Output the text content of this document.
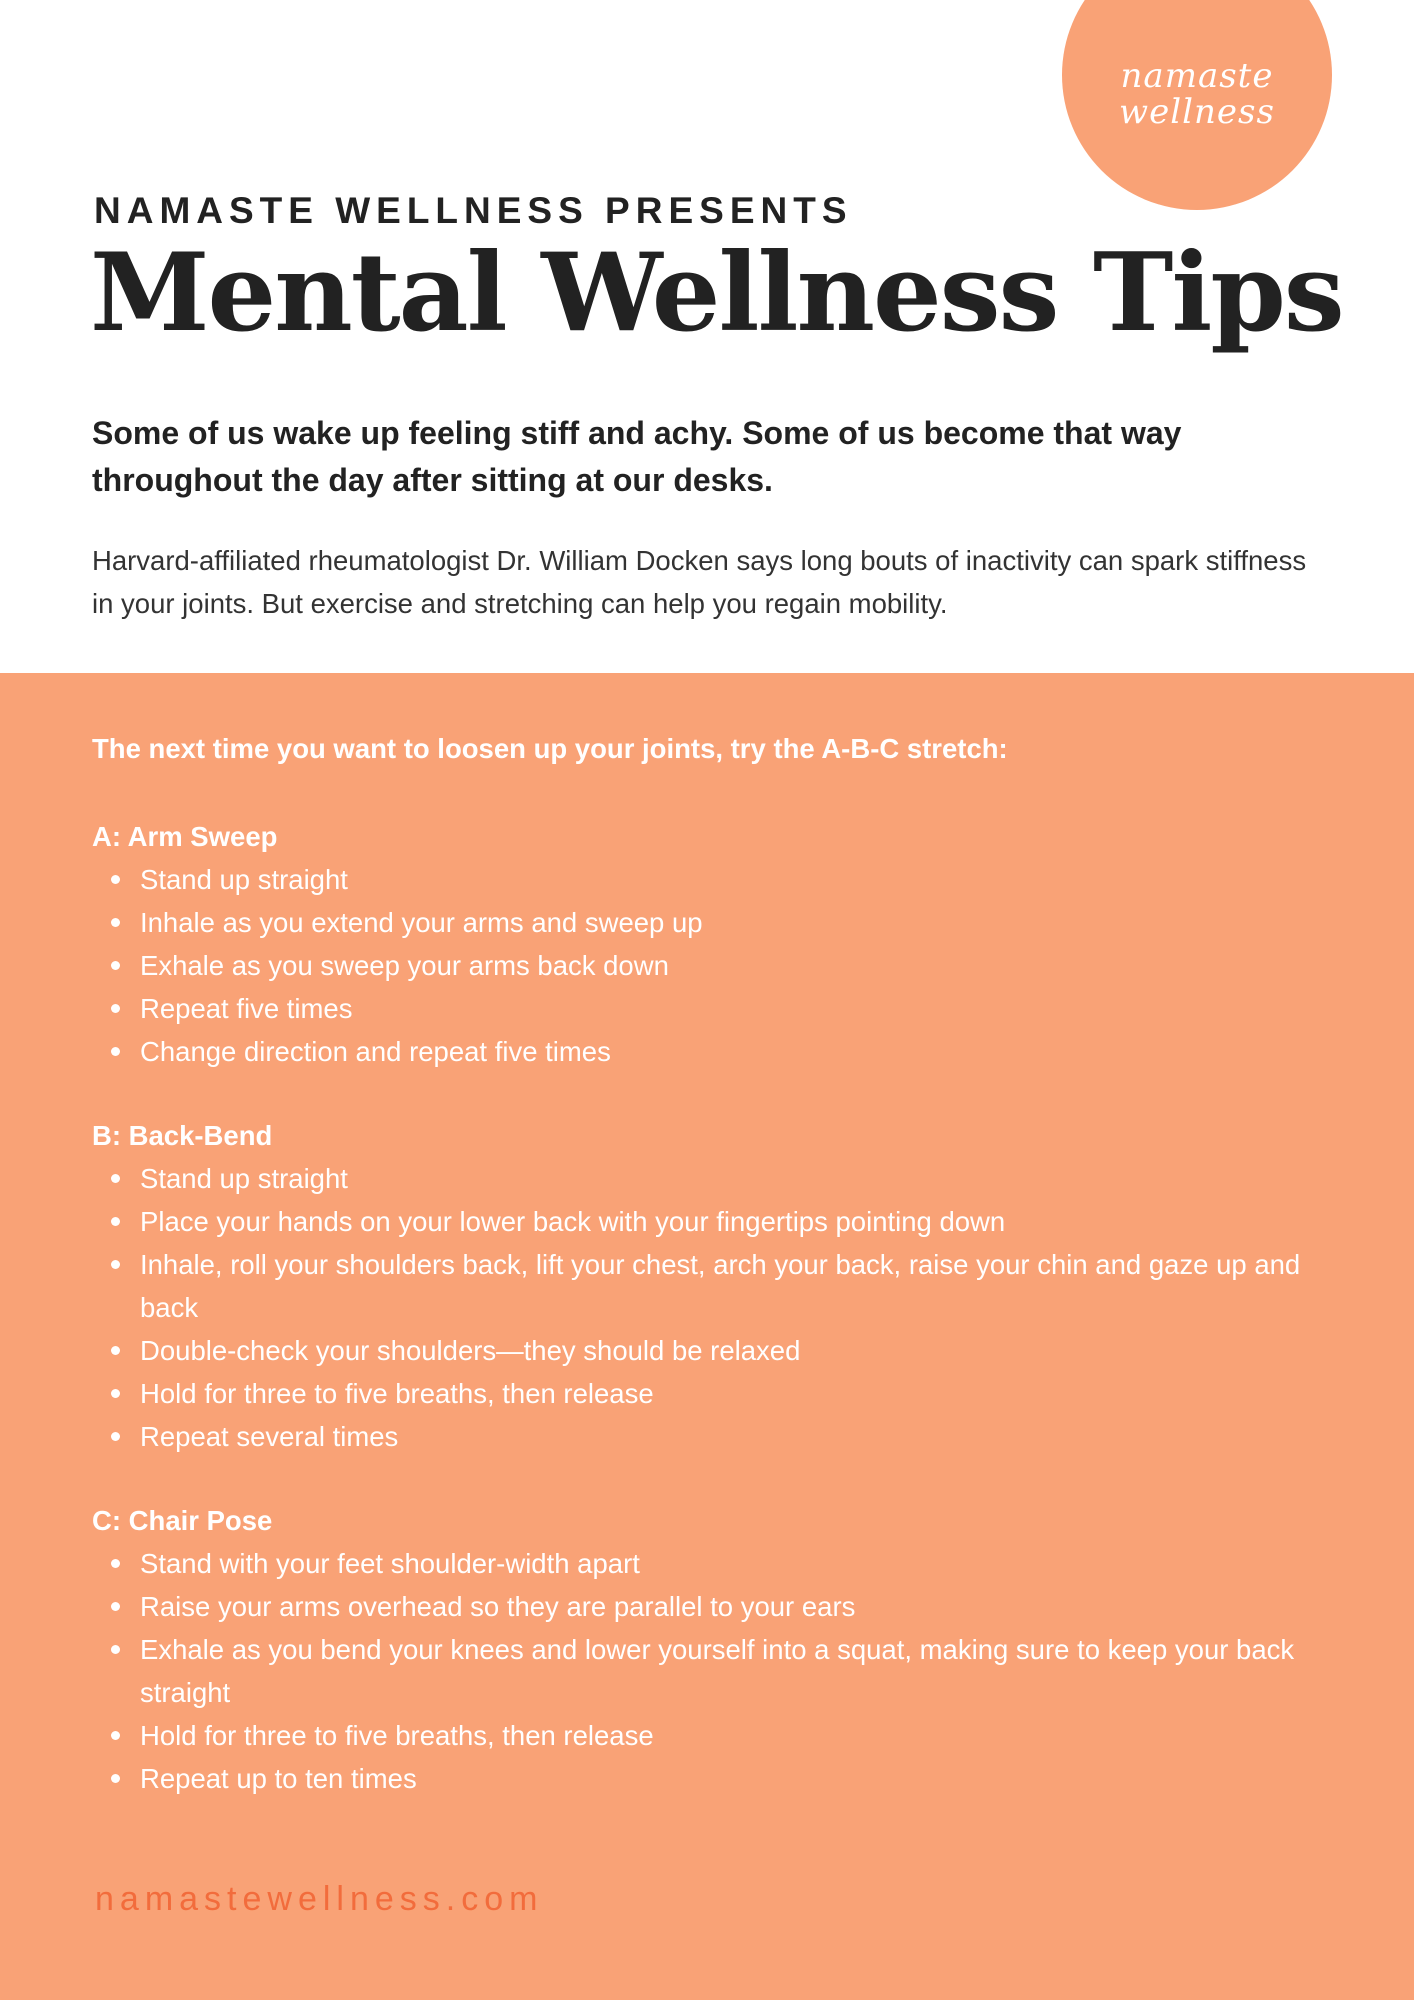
namaste
wellness
NAMASTE WELLNESS PRESENTS
Mental Wellness Tips

Some of us wake up feeling stiff and achy. Some of us become that way throughout the day after sitting at our desks.

Harvard-affiliated rheumatologist Dr. William Docken says long bouts of inactivity can spark stiffness in your joints. But exercise and stretching can help you regain mobility.

The next time you want to loosen up your joints, try the A-B-C stretch:

A: Arm Sweep
Stand up straight
Inhale as you extend your arms and sweep up
Exhale as you sweep your arms back down
Repeat five times
Change direction and repeat five times
B: Back-Bend
Stand up straight
Place your hands on your lower back with your fingertips pointing down
Inhale, roll your shoulders back, lift your chest, arch your back, raise your chin and gaze up and back
Double-check your shoulders—they should be relaxed
Hold for three to five breaths, then release
Repeat several times
C: Chair Pose
Stand with your feet shoulder-width apart
Raise your arms overhead so they are parallel to your ears
Exhale as you bend your knees and lower yourself into a squat, making sure to keep your back straight
Hold for three to five breaths, then release
Repeat up to ten times
namastewellness.com
